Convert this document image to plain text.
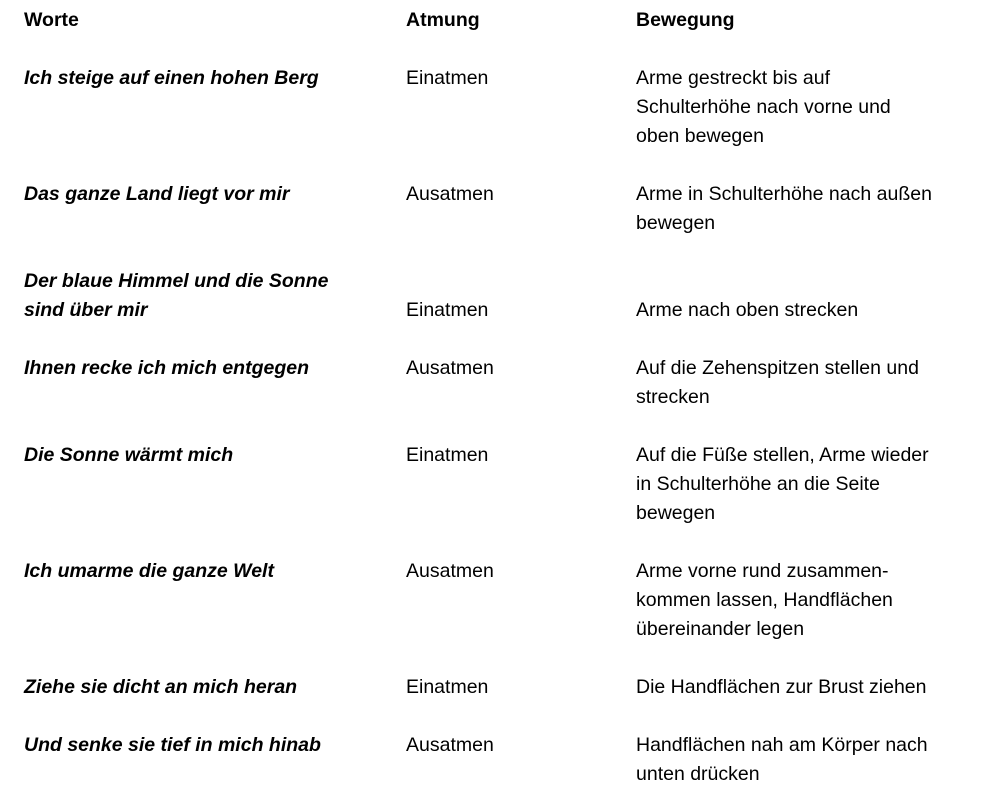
Worte	Atmung	Bewegung
Ich steige auf einen hohen Berg	Einatmen	Arme gestreckt bis auf
Schulterhöhe nach vorne und
oben bewegen
Das ganze Land liegt vor mir	Ausatmen	Arme in Schulterhöhe nach außen
bewegen
Der blaue Himmel und die Sonne
sind über mir	Einatmen	Arme nach oben strecken
Ihnen recke ich mich entgegen	Ausatmen	Auf die Zehenspitzen stellen und
strecken
Die Sonne wärmt mich	Einatmen	Auf die Füße stellen, Arme wieder
in Schulterhöhe an die Seite
bewegen
Ich umarme die ganze Welt	Ausatmen	Arme vorne rund zusammen-
kommen lassen, Handflächen
übereinander legen
Ziehe sie dicht an mich heran	Einatmen	Die Handflächen zur Brust ziehen
Und senke sie tief in mich hinab	Ausatmen	Handflächen nah am Körper nach
unten drücken
